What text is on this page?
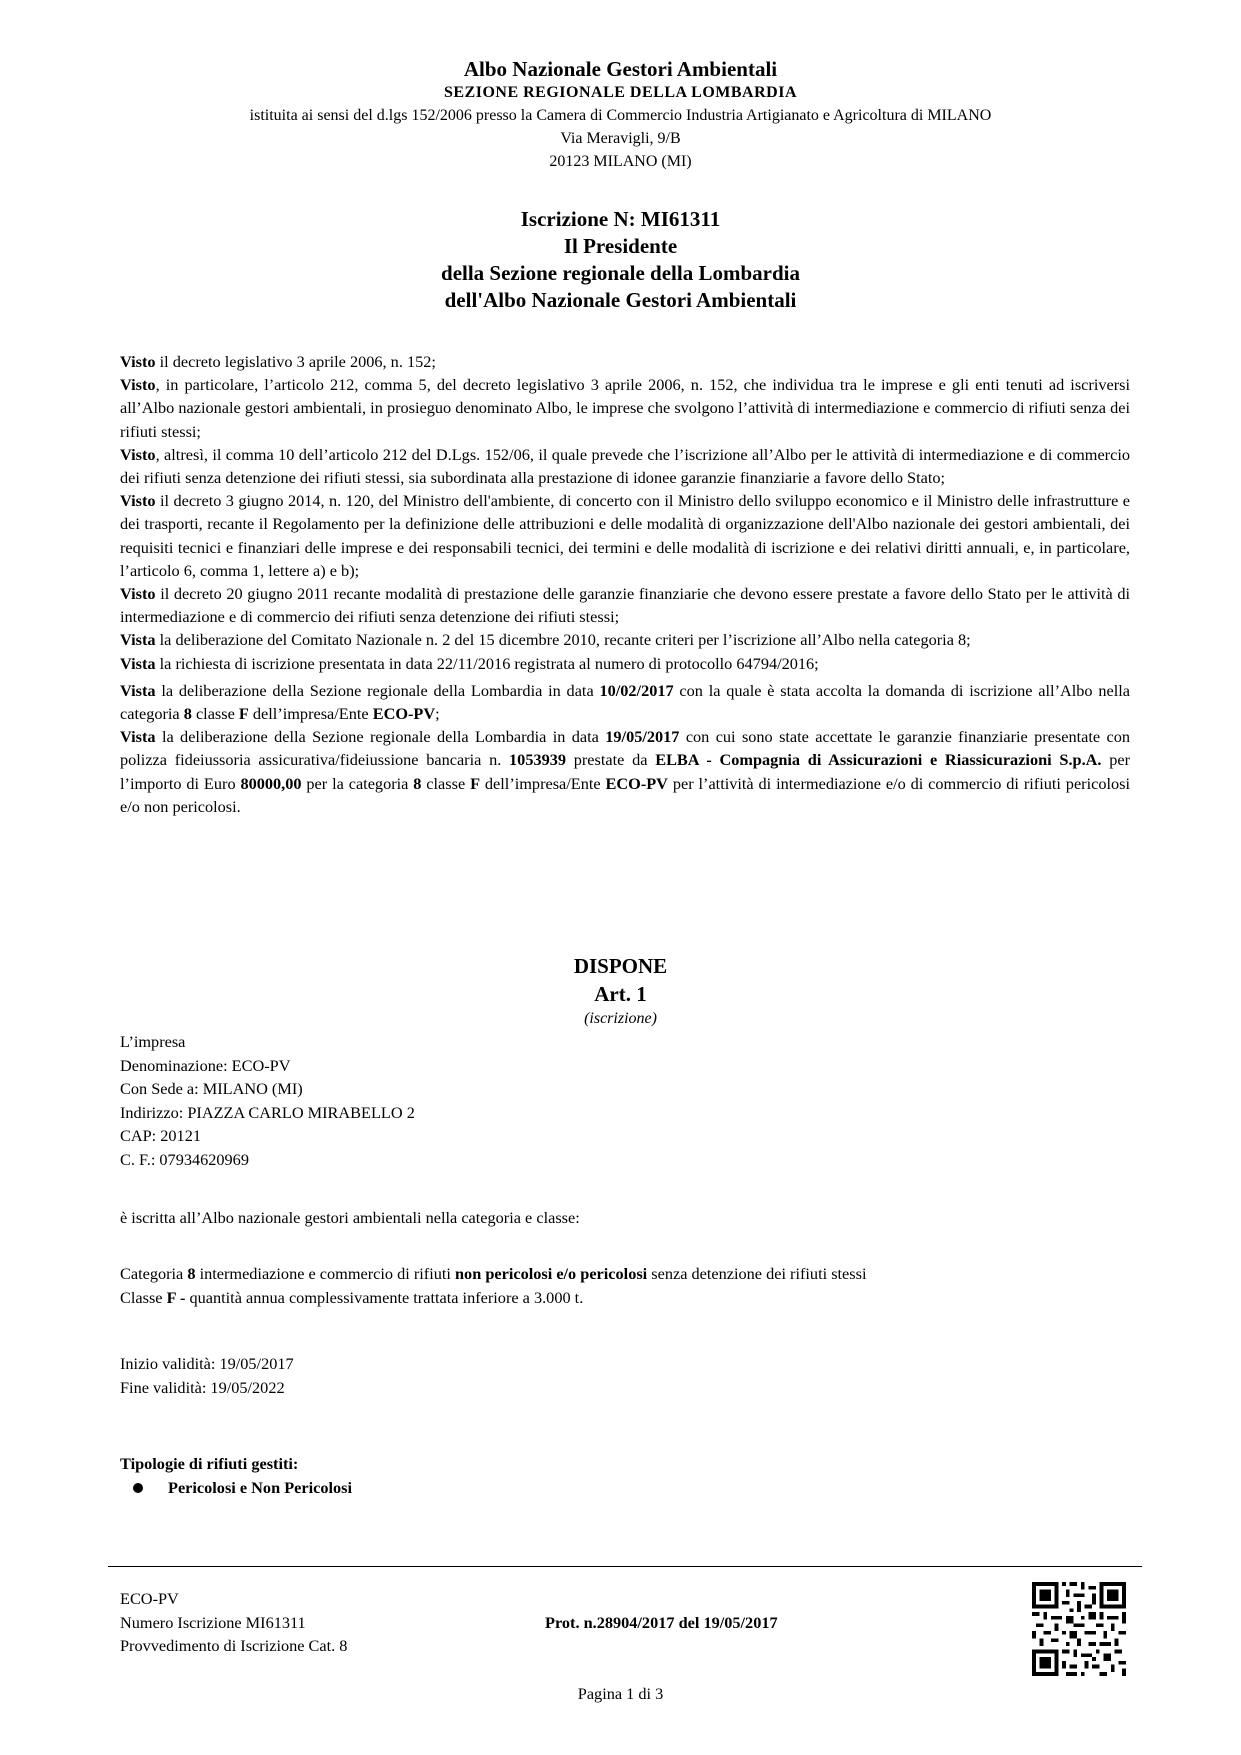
Albo Nazionale Gestori Ambientali
SEZIONE REGIONALE DELLA LOMBARDIA
istituita ai sensi del d.lgs 152/2006 presso la Camera di Commercio Industria Artigianato e Agricoltura di MILANO
Via Meravigli, 9/B
20123 MILANO (MI)
Iscrizione N: MI61311
Il Presidente
della Sezione regionale della Lombardia
dell'Albo Nazionale Gestori Ambientali

Visto il decreto legislativo 3 aprile 2006, n. 152;

Visto, in particolare, l’articolo 212, comma 5, del decreto legislativo 3 aprile 2006, n. 152, che individua tra le imprese e gli enti tenuti ad iscriversi all’Albo nazionale gestori ambientali, in prosieguo denominato Albo, le imprese che svolgono l’attività di intermediazione e commercio di rifiuti senza dei rifiuti stessi;

Visto, altresì, il comma 10 dell’articolo 212 del D.Lgs. 152/06, il quale prevede che l’iscrizione all’Albo per le attività di intermediazione e di commercio dei rifiuti senza detenzione dei rifiuti stessi, sia subordinata alla prestazione di idonee garanzie finanziarie a favore dello Stato;

Visto il decreto 3 giugno 2014, n. 120, del Ministro dell'ambiente, di concerto con il Ministro dello sviluppo economico e il Ministro delle infrastrutture e dei trasporti, recante il Regolamento per la definizione delle attribuzioni e delle modalità di organizzazione dell'Albo nazionale dei gestori ambientali, dei requisiti tecnici e finanziari delle imprese e dei responsabili tecnici, dei termini e delle modalità di iscrizione e dei relativi diritti annuali, e, in particolare, l’articolo 6, comma 1, lettere a) e b);

Visto il decreto 20 giugno 2011 recante modalità di prestazione delle garanzie finanziarie che devono essere prestate a favore dello Stato per le attività di intermediazione e di commercio dei rifiuti senza detenzione dei rifiuti stessi;

Vista la deliberazione del Comitato Nazionale n. 2 del 15 dicembre 2010, recante criteri per l’iscrizione all’Albo nella categoria 8;

Vista la richiesta di iscrizione presentata in data 22/11/2016 registrata al numero di protocollo 64794/2016;

Vista la deliberazione della Sezione regionale della Lombardia in data 10/02/2017 con la quale è stata accolta la domanda di iscrizione all’Albo nella categoria 8 classe F dell’impresa/Ente ECO-PV;

Vista la deliberazione della Sezione regionale della Lombardia in data 19/05/2017 con cui sono state accettate le garanzie finanziarie presentate con polizza fideiussoria assicurativa/fideiussione bancaria n. 1053939 prestate da ELBA - Compagnia di Assicurazioni e Riassicurazioni S.p.A. per l’importo di Euro 80000,00 per la categoria 8 classe F dell’impresa/Ente ECO-PV per l’attività di intermediazione e/o di commercio di rifiuti pericolosi e/o non pericolosi.

DISPONE
Art. 1
(iscrizione)

L’impresa

Denominazione: ECO-PV

Con Sede a: MILANO (MI)

Indirizzo: PIAZZA CARLO MIRABELLO 2

CAP: 20121

C. F.: 07934620969

è iscritta all’Albo nazionale gestori ambientali nella categoria e classe:

Categoria 8 intermediazione e commercio di rifiuti non pericolosi e/o pericolosi senza detenzione dei rifiuti stessi

Classe F - quantità annua complessivamente trattata inferiore a 3.000 t.

Inizio validità: 19/05/2017

Fine validità: 19/05/2022

Tipologie di rifiuti gestiti:

Pericolosi e Non Pericolosi

ECO-PV

Numero Iscrizione MI61311

Provvedimento di Iscrizione Cat. 8

Prot. n.28904/2017 del 19/05/2017
Pagina 1 di 3
